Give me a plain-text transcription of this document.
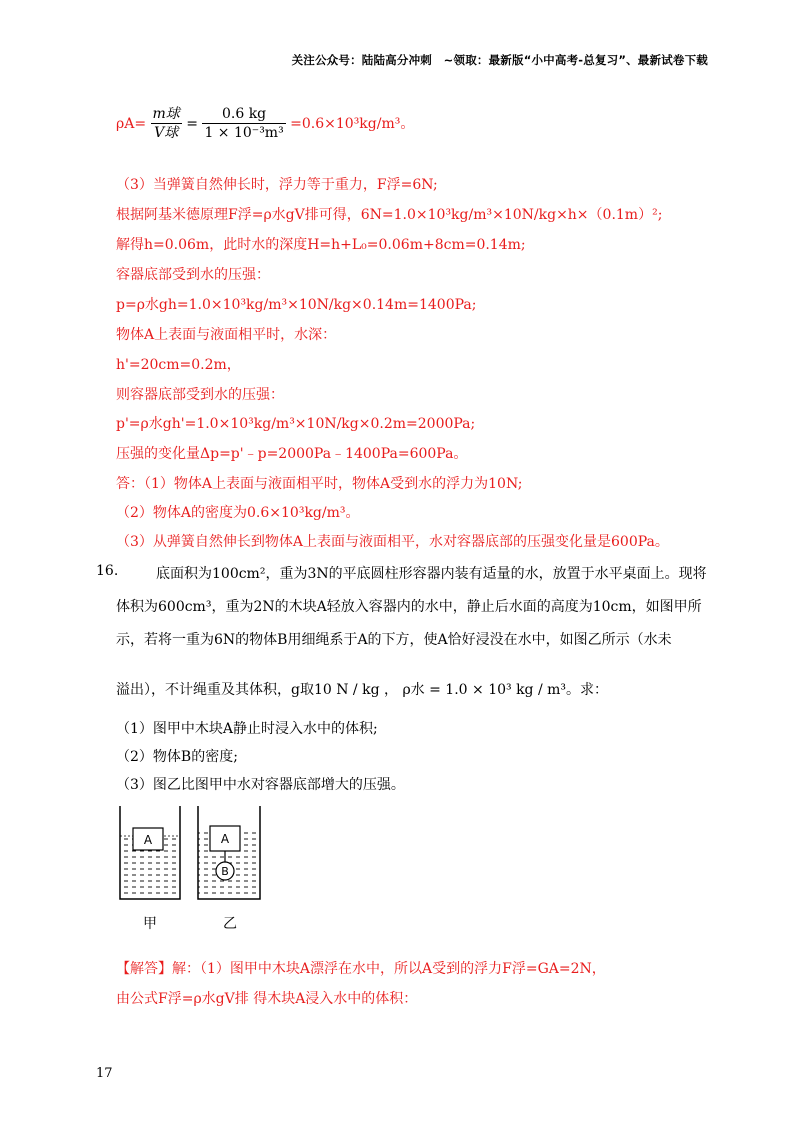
关注公众号：陆陆高分冲刺　~领取：最新版“小中高考-总复习”、最新试卷下载
$\rho A= \frac{\text{m球}}{\text{V球}} = \frac{0.6 kg}{\text{1 × 10⁻³m³}} =0.6\times 10^3kg/m^3$。
（3）当弹簧自然伸长时，浮力等于重力，F浮=6N;
根据阿基米德原理F浮=ρ水gV排可得，6N=1.0×10³kg/m³×10N/kg×h×（0.1m）²;
解得h=0.06m，此时水的深度H=h+L₀=0.06m+8cm=0.14m;
容器底部受到水的压强：
p=ρ水gh=1.0×10³kg/m³×10N/kg×0.14m=1400Pa;
物体A上表面与液面相平时，水深：
h'=20cm=0.2m，
则容器底部受到水的压强：
p'=ρ水gh'=1.0×10³kg/m³×10N/kg×0.2m=2000Pa;
压强的变化量Δp=p'﹣p=2000Pa﹣1400Pa=600Pa。
答：（1）物体A上表面与液面相平时，物体A受到水的浮力为10N;
（2）物体A的密度为0.6×10³kg/m³。
（3）从弹簧自然伸长到物体A上表面与液面相平，水对容器底部的压强变化量是600Pa。
16.	底面积为100cm²，重为3N的平底圆柱形容器内装有适量的水，放置于水平桌面上。现将
体积为600cm³，重为2N的木块A轻放入容器内的水中，静止后水面的高度为10cm，如图甲所
示，若将一重为6N的物体B用细绳系于A的下方，使A恰好浸没在水中，如图乙所示（水未
溢出），不计绳重及其体积，g取10 N / kg ， ρ水 = 1.0 × 10³ kg / m³。求：
（1）图甲中木块A静止时浸入水中的体积;
（2）物体B的密度;
（3）图乙比图甲中水对容器底部增大的压强。
A	A
B
甲	乙
【解答】解：（1）图甲中木块A漂浮在水中，所以A受到的浮力F浮=GA=2N，
由公式F浮=ρ水gV排 得木块A浸入水中的体积：
17
